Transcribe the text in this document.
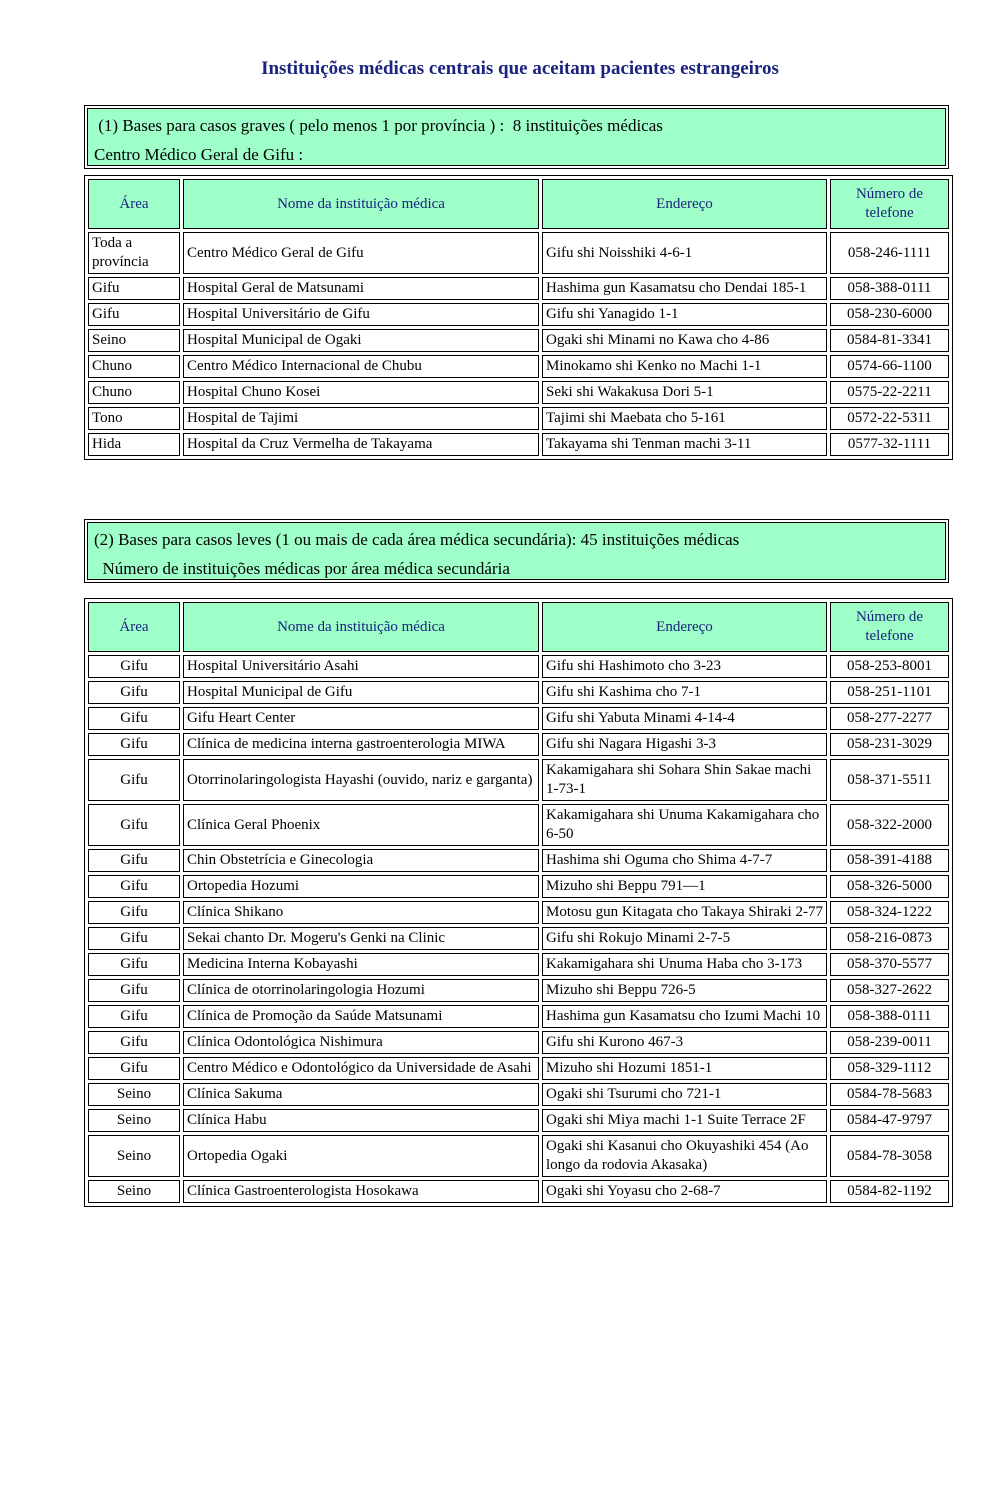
Instituições médicas centrais que aceitam pacientes estrangeiros
(1) Bases para casos graves ( pelo menos 1 por província ) :  8 instituições médicas
Centro Médico Geral de Gifu :
Área	Nome da instituição médica	Endereço	Número de telefone
Toda a província	Centro Médico Geral de Gifu	Gifu shi Noisshiki 4-6-1	058-246-1111
Gifu	Hospital Geral de Matsunami	Hashima gun Kasamatsu cho Dendai 185-1	058-388-0111
Gifu	Hospital Universitário de Gifu	Gifu shi Yanagido 1-1	058-230-6000
Seino	Hospital Municipal de Ogaki	Ogaki shi Minami no Kawa cho 4-86	0584-81-3341
Chuno	Centro Médico Internacional de Chubu	Minokamo shi Kenko no Machi 1-1	0574-66-1100
Chuno	Hospital Chuno Kosei	Seki shi Wakakusa Dori 5-1	0575-22-2211
Tono	Hospital de Tajimi	Tajimi shi Maebata cho 5-161	0572-22-5311
Hida	Hospital da Cruz Vermelha de Takayama	Takayama shi Tenman machi 3-11	0577-32-1111
(2) Bases para casos leves (1 ou mais de cada área médica secundária): 45 instituições médicas
Número de instituições médicas por área médica secundária
Área	Nome da instituição médica	Endereço	Número de telefone
Gifu	Hospital Universitário Asahi	Gifu shi Hashimoto cho 3-23	058-253-8001
Gifu	Hospital Municipal de Gifu	Gifu shi Kashima cho 7-1	058-251-1101
Gifu	Gifu Heart Center	Gifu shi Yabuta Minami 4-14-4	058-277-2277
Gifu	Clínica de medicina interna gastroenterologia MIWA	Gifu shi Nagara Higashi 3-3	058-231-3029
Gifu	Otorrinolaringologista Hayashi (ouvido, nariz e garganta)	Kakamigahara shi Sohara Shin Sakae machi 1-73-1	058-371-5511
Gifu	Clínica Geral Phoenix	Kakamigahara shi Unuma Kakamigahara cho 6-50	058-322-2000
Gifu	Chin Obstetrícia e Ginecologia	Hashima shi Oguma cho Shima 4-7-7	058-391-4188
Gifu	Ortopedia Hozumi	Mizuho shi Beppu 791—1	058-326-5000
Gifu	Clínica Shikano	Motosu gun Kitagata cho Takaya Shiraki 2-77	058-324-1222
Gifu	Sekai chanto Dr. Mogeru's Genki na Clinic	Gifu shi Rokujo Minami 2-7-5	058-216-0873
Gifu	Medicina Interna Kobayashi	Kakamigahara shi Unuma Haba cho 3-173	058-370-5577
Gifu	Clínica de otorrinolaringologia Hozumi	Mizuho shi Beppu 726-5	058-327-2622
Gifu	Clínica de Promoção da Saúde Matsunami	Hashima gun Kasamatsu cho Izumi Machi 10	058-388-0111
Gifu	Clínica Odontológica Nishimura	Gifu shi Kurono 467-3	058-239-0011
Gifu	Centro Médico e Odontológico da Universidade de Asahi	Mizuho shi Hozumi 1851-1	058-329-1112
Seino	Clínica Sakuma	Ogaki shi Tsurumi cho 721-1	0584-78-5683
Seino	Clínica Habu	Ogaki shi Miya machi 1-1 Suite Terrace 2F	0584-47-9797
Seino	Ortopedia Ogaki	Ogaki shi Kasanui cho Okuyashiki 454 (Ao longo da rodovia Akasaka)	0584-78-3058
Seino	Clínica Gastroenterologista Hosokawa	Ogaki shi Yoyasu cho 2-68-7	0584-82-1192
